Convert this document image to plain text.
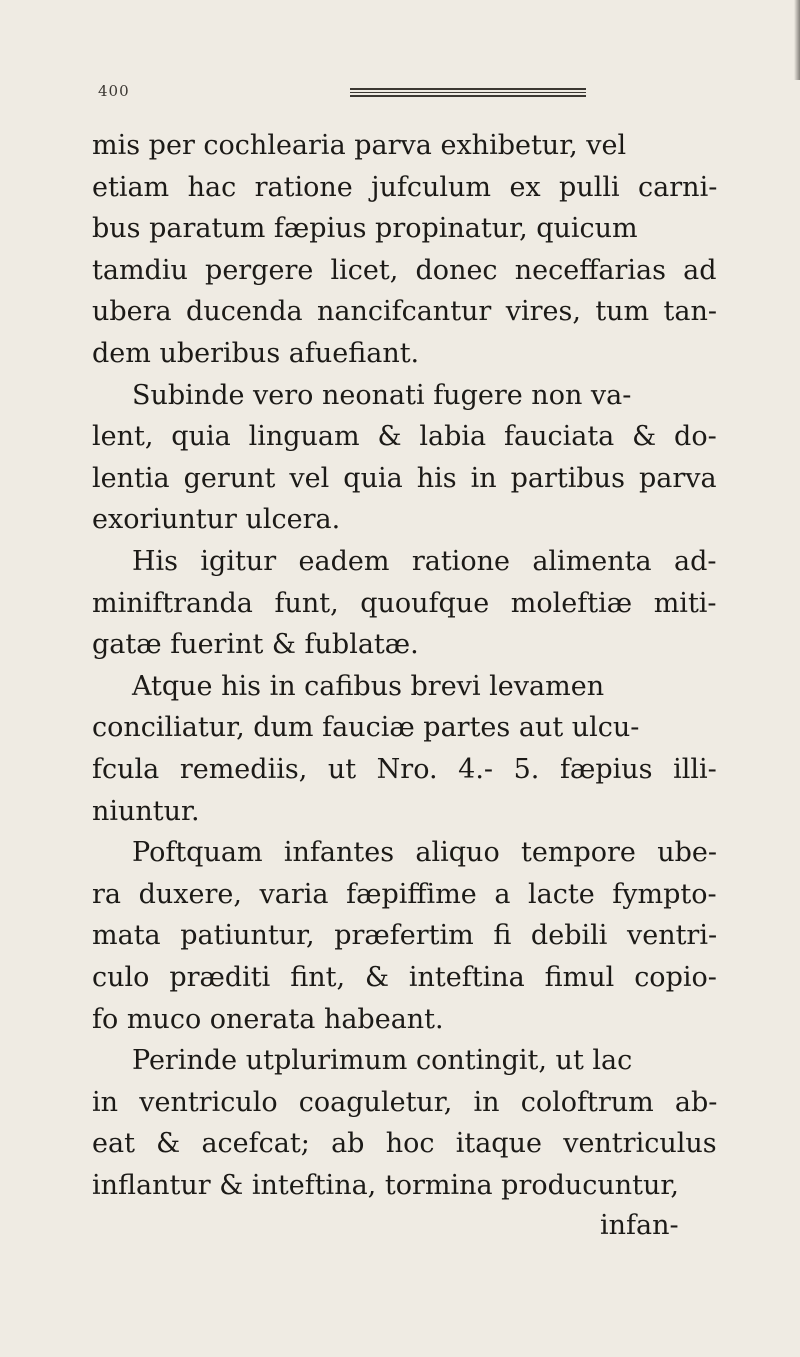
400
mis per cochlearia parva exhibetur, vel
etiam hac ratione jufculum ex pulli carni-
bus paratum fæpius propinatur, quicum
tamdiu pergere licet, donec neceffarias ad
ubera ducenda nancifcantur vires, tum tan-
dem uberibus afuefiant.
Subinde vero neonati fugere non va-
lent, quia linguam & labia fauciata & do-
lentia gerunt vel quia his in partibus parva
exoriuntur ulcera.
His igitur eadem ratione alimenta ad-
miniftranda funt, quoufque moleftiæ miti-
gatæ fuerint & fublatæ.
Atque his in cafibus brevi levamen
conciliatur, dum fauciæ partes aut ulcu-
fcula remediis, ut Nro. 4.- 5. fæpius illi-
niuntur.
Poftquam infantes aliquo tempore ube-
ra duxere, varia fæpiffime a lacte fympto-
mata patiuntur, præfertim fi debili ventri-
culo præditi fint, & inteftina fimul copio-
fo muco onerata habeant.
Perinde utplurimum contingit, ut lac
in ventriculo coaguletur, in coloftrum ab-
eat & acefcat; ab hoc itaque ventriculus
inflantur & inteftina, tormina producuntur,
infan-
